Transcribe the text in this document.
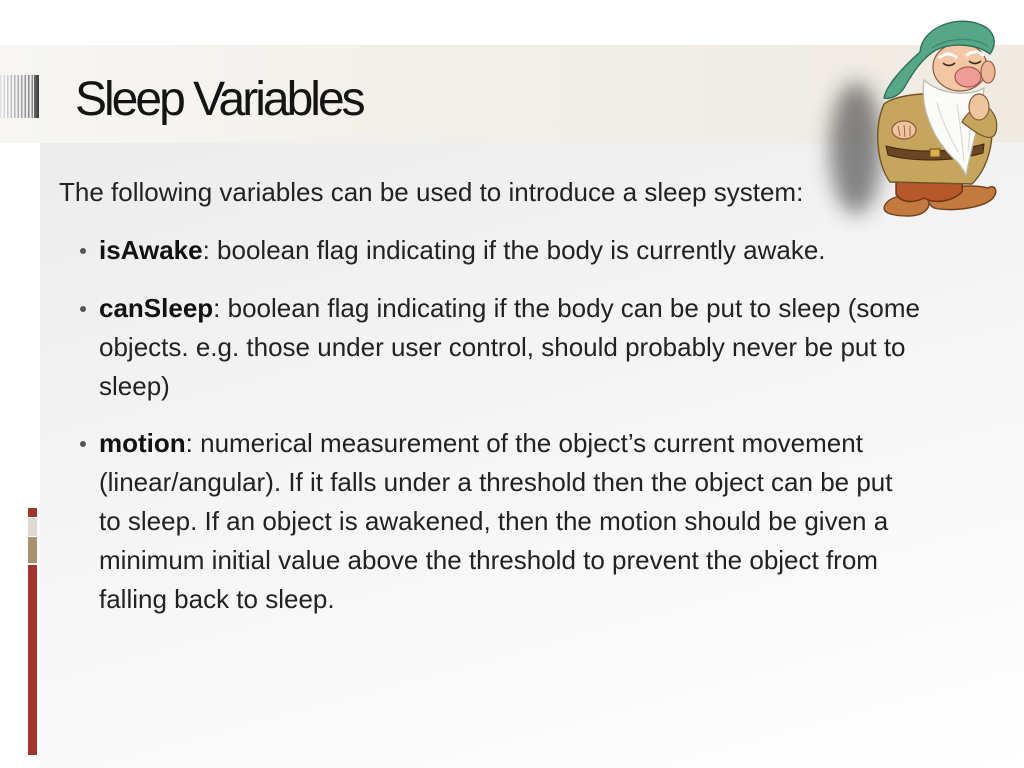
Sleep Variables
The following variables can be used to introduce a sleep system:
isAwake: boolean flag indicating if the body is currently awake.
canSleep: boolean flag indicating if the body can be put to sleep (some
objects. e.g. those under user control, should probably never be put to
sleep)
motion: numerical measurement of the object’s current movement
(linear/angular). If it falls under a threshold then the object can be put
to sleep. If an object is awakened, then the motion should be given a
minimum initial value above the threshold to prevent the object from
falling back to sleep.
